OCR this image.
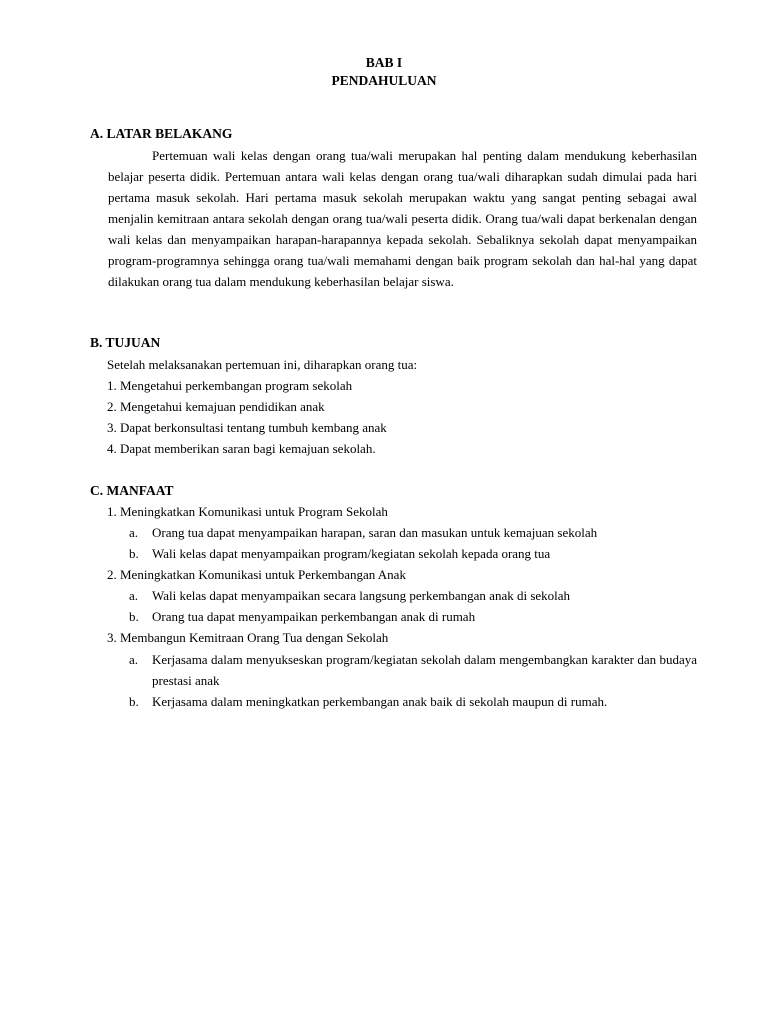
BAB I
PENDAHULUAN
A. LATAR BELAKANG

Pertemuan wali kelas dengan orang tua/wali merupakan hal penting dalam mendukung keberhasilan belajar peserta didik. Pertemuan antara wali kelas dengan orang tua/wali diharapkan sudah dimulai pada hari pertama masuk sekolah. Hari pertama masuk sekolah merupakan waktu yang sangat penting sebagai awal menjalin kemitraan antara sekolah dengan orang tua/wali peserta didik. Orang tua/wali dapat berkenalan dengan wali kelas dan menyampaikan harapan-harapannya kepada sekolah. Sebaliknya sekolah dapat menyampaikan program-programnya sehingga orang tua/wali memahami dengan baik program sekolah dan hal-hal yang dapat dilakukan orang tua dalam mendukung keberhasilan belajar siswa.

B. TUJUAN
Setelah melaksanakan pertemuan ini, diharapkan orang tua:
1. Mengetahui perkembangan program sekolah
2. Mengetahui kemajuan pendidikan anak
3. Dapat berkonsultasi tentang tumbuh kembang anak
4. Dapat memberikan saran bagi kemajuan sekolah.
C. MANFAAT
1. Meningkatkan Komunikasi untuk Program Sekolah
a. Orang tua dapat menyampaikan harapan, saran dan masukan untuk kemajuan sekolah
b. Wali kelas dapat menyampaikan program/kegiatan sekolah kepada orang tua
2. Meningkatkan Komunikasi untuk Perkembangan Anak
a. Wali kelas dapat menyampaikan secara langsung perkembangan anak di sekolah
b. Orang tua dapat menyampaikan perkembangan anak di rumah
3. Membangun Kemitraan Orang Tua dengan Sekolah
a. Kerjasama dalam menyukseskan program/kegiatan sekolah dalam mengembangkan karakter dan budaya prestasi anak
b. Kerjasama dalam meningkatkan perkembangan anak baik di sekolah maupun di rumah.
